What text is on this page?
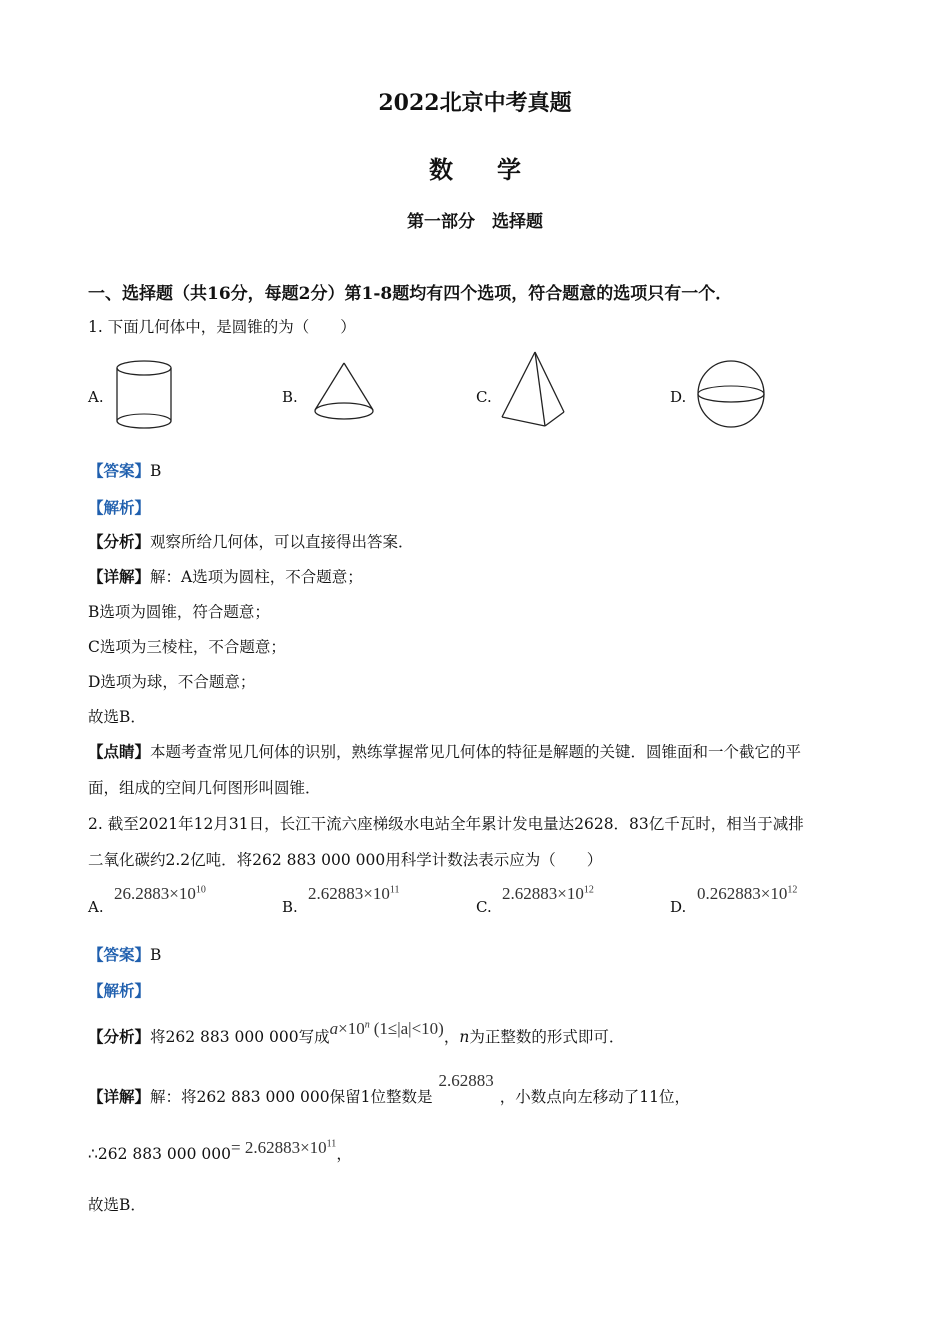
2022北京中考真题
数学
第一部分　选择题
一、选择题（共16分，每题2分）第1-8题均有四个选项，符合题意的选项只有一个．
1. 下面几何体中，是圆锥的为（　　）
A.	B.	C.	D.
【答案】B
【解析】
【分析】观察所给几何体，可以直接得出答案．
【详解】解：A选项为圆柱，不合题意；
B选项为圆锥，符合题意；
C选项为三棱柱，不合题意；
D选项为球，不合题意；
故选B．
【点睛】本题考查常见几何体的识别，熟练掌握常见几何体的特征是解题的关键．圆锥面和一个截它的平
面，组成的空间几何图形叫圆锥．
2. 截至2021年12月31日，长江干流六座梯级水电站全年累计发电量达2628．83亿千瓦时，相当于减排
二氧化碳约2.2亿吨．将262 883 000 000用科学计数法表示应为（　　）
A.
$26.2883\times 10^{10}$
B.
$2.62883\times 10^{11}$
C.
$2.62883\times 10^{12}$
D.
$0.262883\times 10^{12}$
【答案】B
【解析】
【分析】将262 883 000 000写成$a\times 10^n$ (1≤|a|<10)，n为正整数的形式即可．
【详解】解：将262 883 000 000保留1位整数是2.62883，小数点向左移动了11位，
∴262 883 000 $000= 2.62883\times 10^{11}$，
故选B．
